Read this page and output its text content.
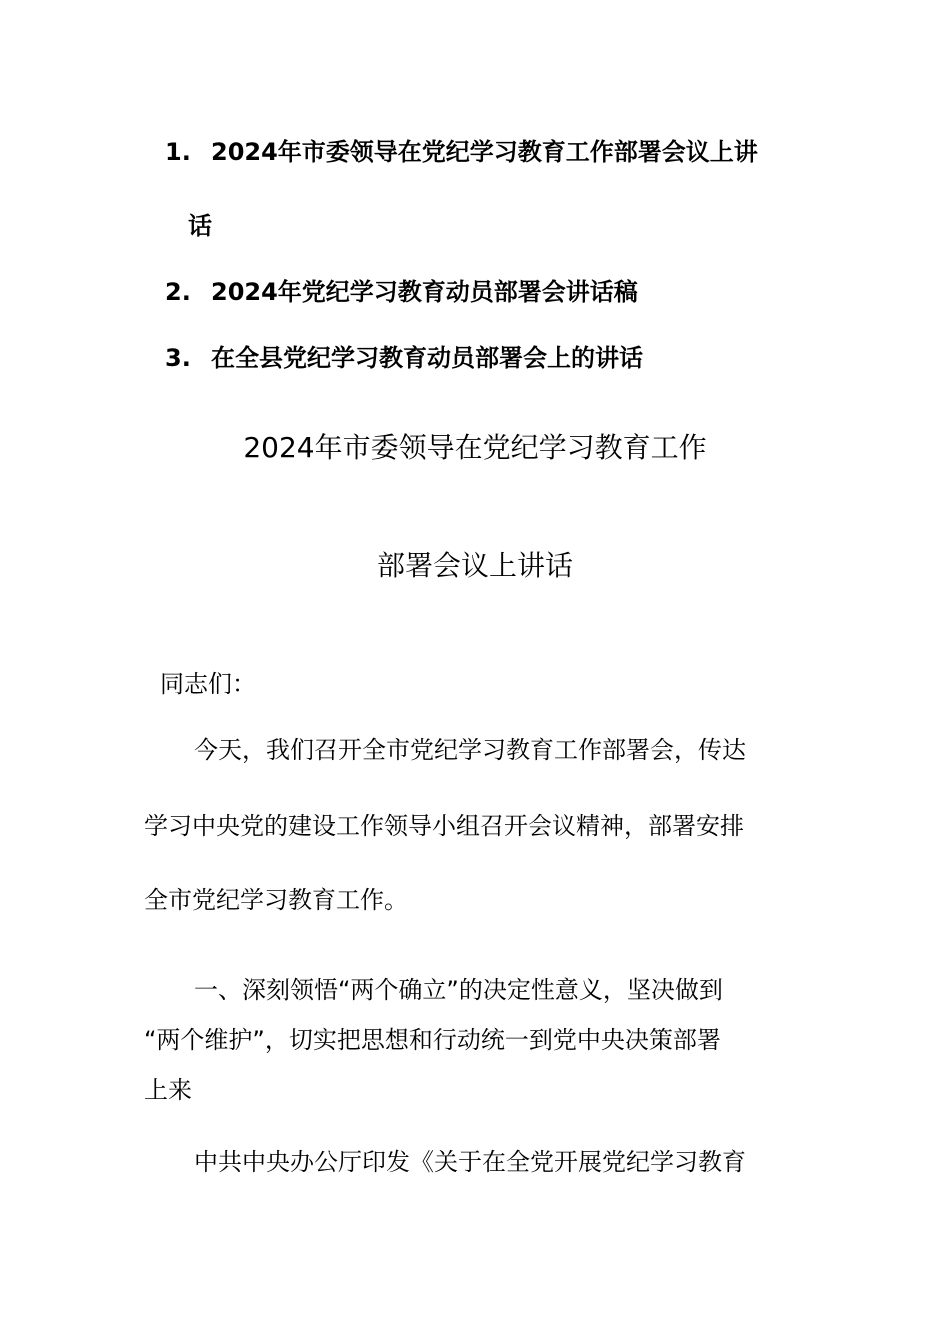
1. 2024年市委领导在党纪学习教育工作部署会议上讲
话
2. 2024年党纪学习教育动员部署会讲话稿
3. 在全县党纪学习教育动员部署会上的讲话
2024年市委领导在党纪学习教育工作
部署会议上讲话
同志们：
今天，我们召开全市党纪学习教育工作部署会，传达
学习中央党的建设工作领导小组召开会议精神，部署安排
全市党纪学习教育工作。
一、深刻领悟“两个确立”的决定性意义，坚决做到
“两个维护”，切实把思想和行动统一到党中央决策部署
上来
中共中央办公厅印发《关于在全党开展党纪学习教育
